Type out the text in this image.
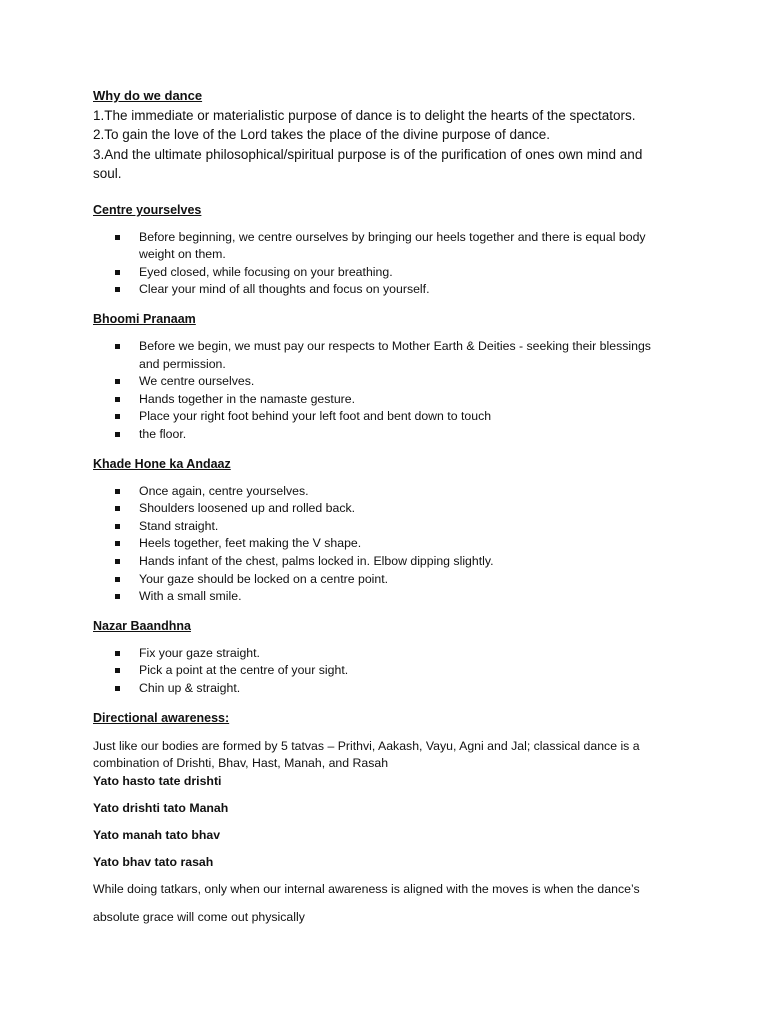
Why do we dance

1.The immediate or materialistic purpose of dance is to delight the hearts of the spectators.

2.To gain the love of the Lord takes the place of the divine purpose of dance.

3.And the ultimate philosophical/spiritual purpose is of the purification of ones own mind and soul.

Centre yourselves

Before beginning, we centre ourselves by bringing our heels together and there is equal body weight on them.
Eyed closed, while focusing on your breathing.
Clear your mind of all thoughts and focus on yourself.

Bhoomi Pranaam

Before we begin, we must pay our respects to Mother Earth & Deities - seeking their blessings and permission.
We centre ourselves.
Hands together in the namaste gesture.
Place your right foot behind your left foot and bent down to touch
the floor.

Khade Hone ka Andaaz

Once again, centre yourselves.
Shoulders loosened up and rolled back.
Stand straight.
Heels together, feet making the V shape.
Hands infant of the chest, palms locked in. Elbow dipping slightly.
Your gaze should be locked on a centre point.
With a small smile.

Nazar Baandhna

Fix your gaze straight.
Pick a point at the centre of your sight.
Chin up & straight.

Directional awareness:

Just like our bodies are formed by 5 tatvas – Prithvi, Aakash, Vayu, Agni and Jal; classical dance is a combination of Drishti, Bhav, Hast, Manah, and Rasah

Yato hasto tate drishti

Yato drishti tato Manah

Yato manah tato bhav

Yato bhav tato rasah

While doing tatkars, only when our internal awareness is aligned with the moves is when the dance’s

absolute grace will come out physically
